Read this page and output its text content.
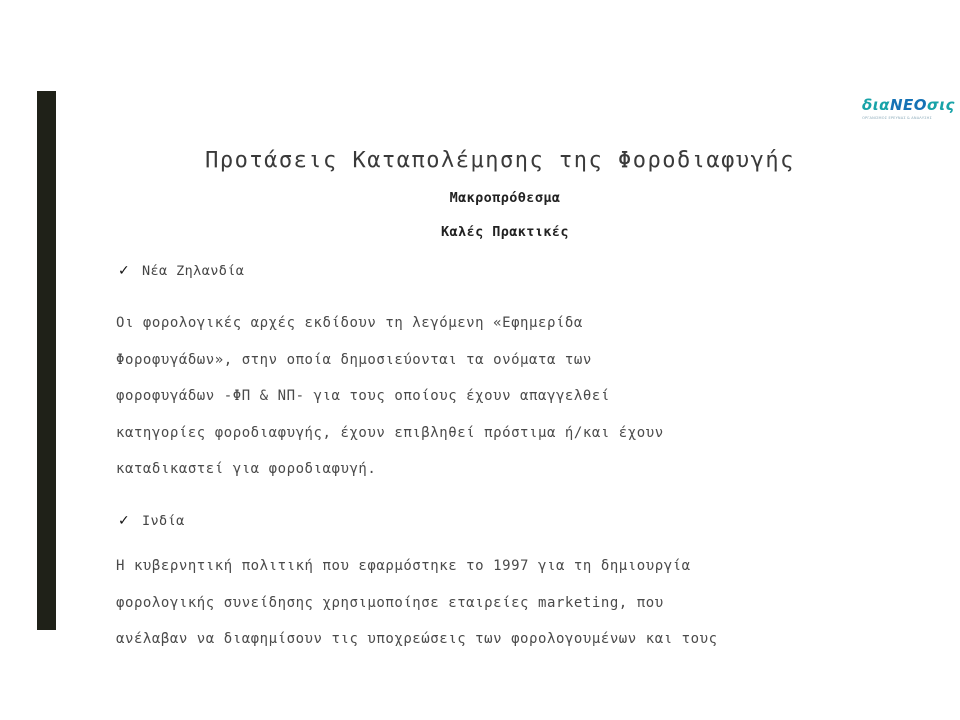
διαNEOσις
ΟΡΓΑΝΙΣΜΟΣ ΕΡΕΥΝΑΣ & ΑΝΑΛΥΣΗΣ
Προτάσεις Καταπολέμησης της Φοροδιαφυγής
Μακροπρόθεσμα
Καλές Πρακτικές
✓ Νέα Ζηλανδία
Οι φορολογικές αρχές εκδίδουν τη λεγόμενη «Εφημερίδα
Φοροφυγάδων», στην οποία δημοσιεύονται τα ονόματα των
φοροφυγάδων -ΦΠ & ΝΠ- για τους οποίους έχουν απαγγελθεί
κατηγορίες φοροδιαφυγής, έχουν επιβληθεί πρόστιμα ή/και έχουν
καταδικαστεί για φοροδιαφυγή.
✓ Ινδία
Η κυβερνητική πολιτική που εφαρμόστηκε το 1997 για τη δημιουργία
φορολογικής συνείδησης χρησιμοποίησε εταιρείες marketing, που
ανέλαβαν να διαφημίσουν τις υποχρεώσεις των φορολογουμένων και τους
